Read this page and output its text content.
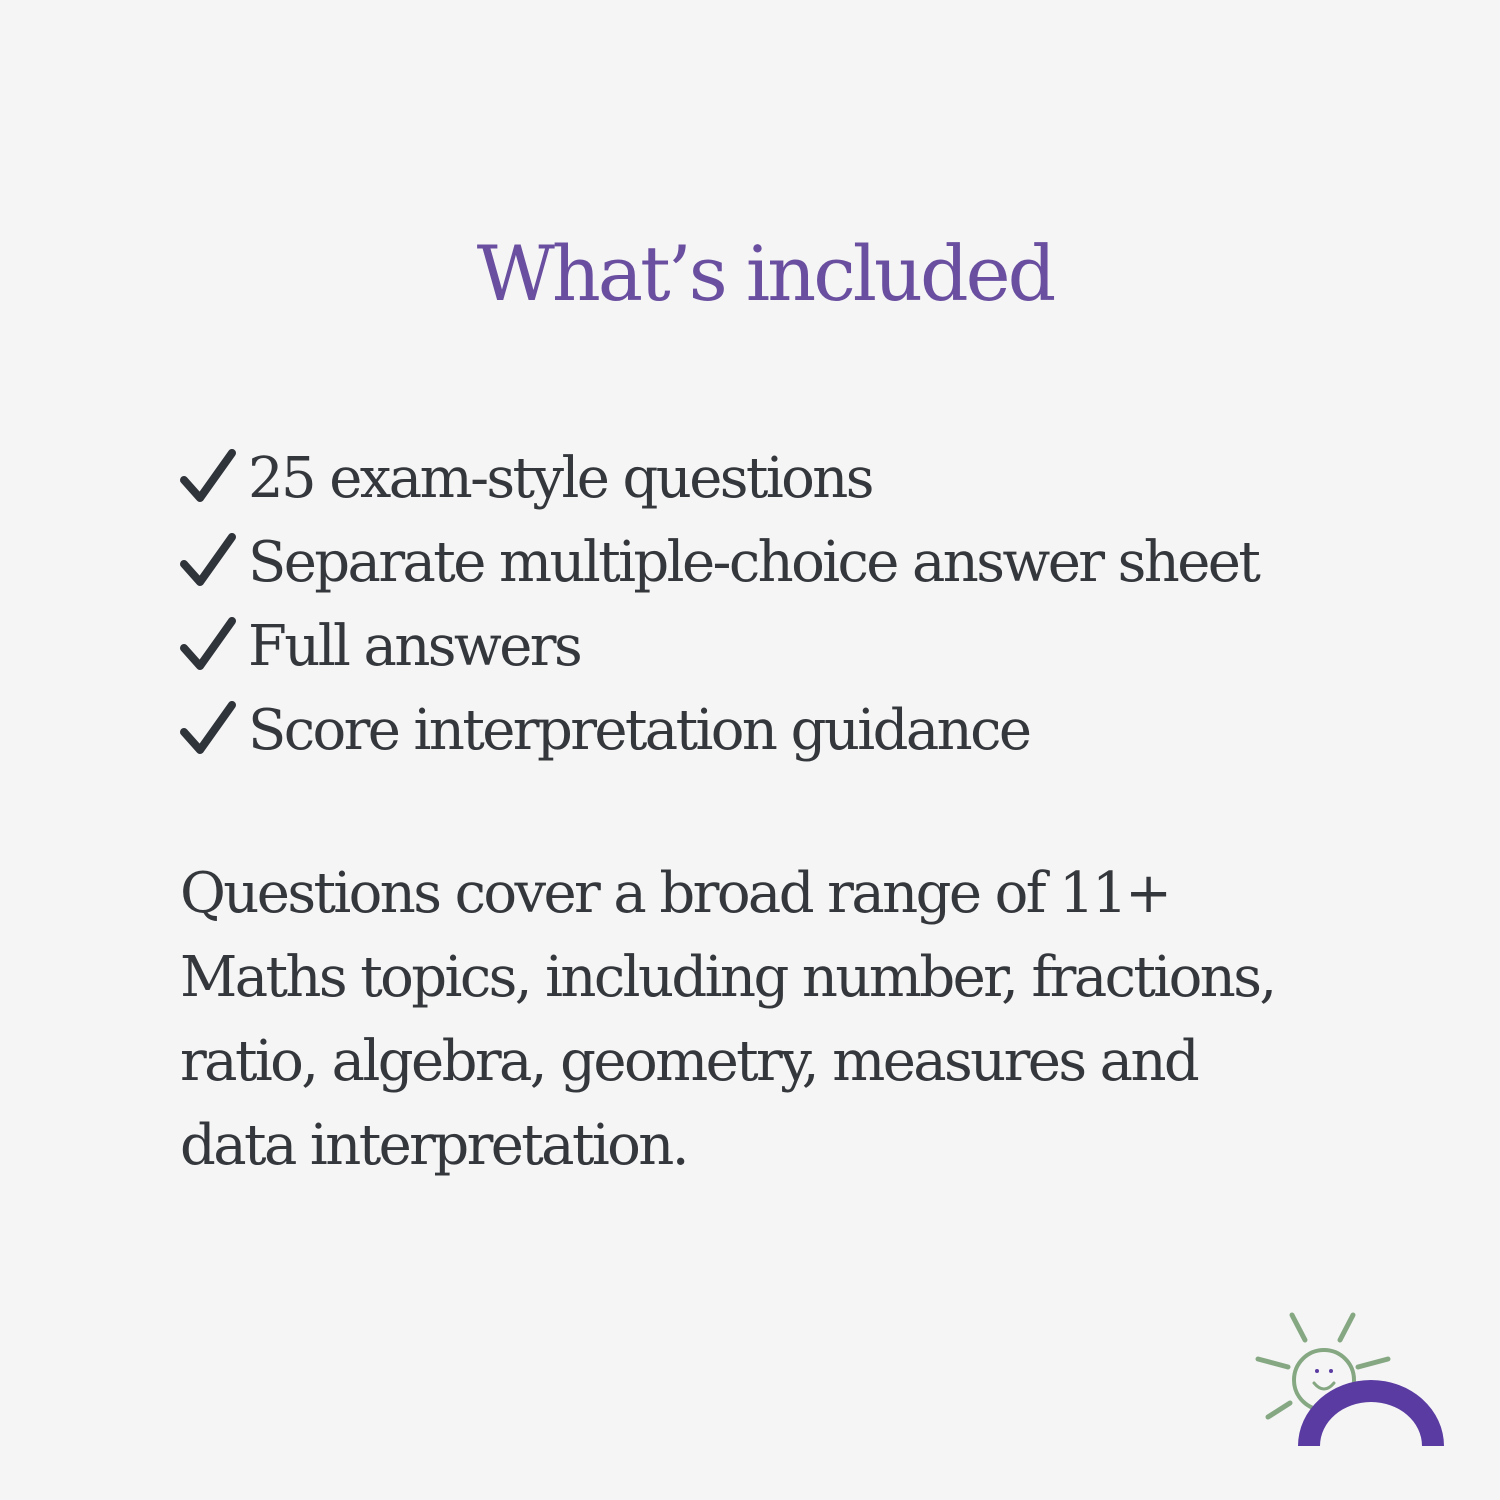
What’s included
25 exam-style questions
Separate multiple-choice answer sheet
Full answers
Score interpretation guidance

Questions cover a broad range of 11+ Maths topics, including number, fractions, ratio, algebra, geometry, measures and data interpretation.
